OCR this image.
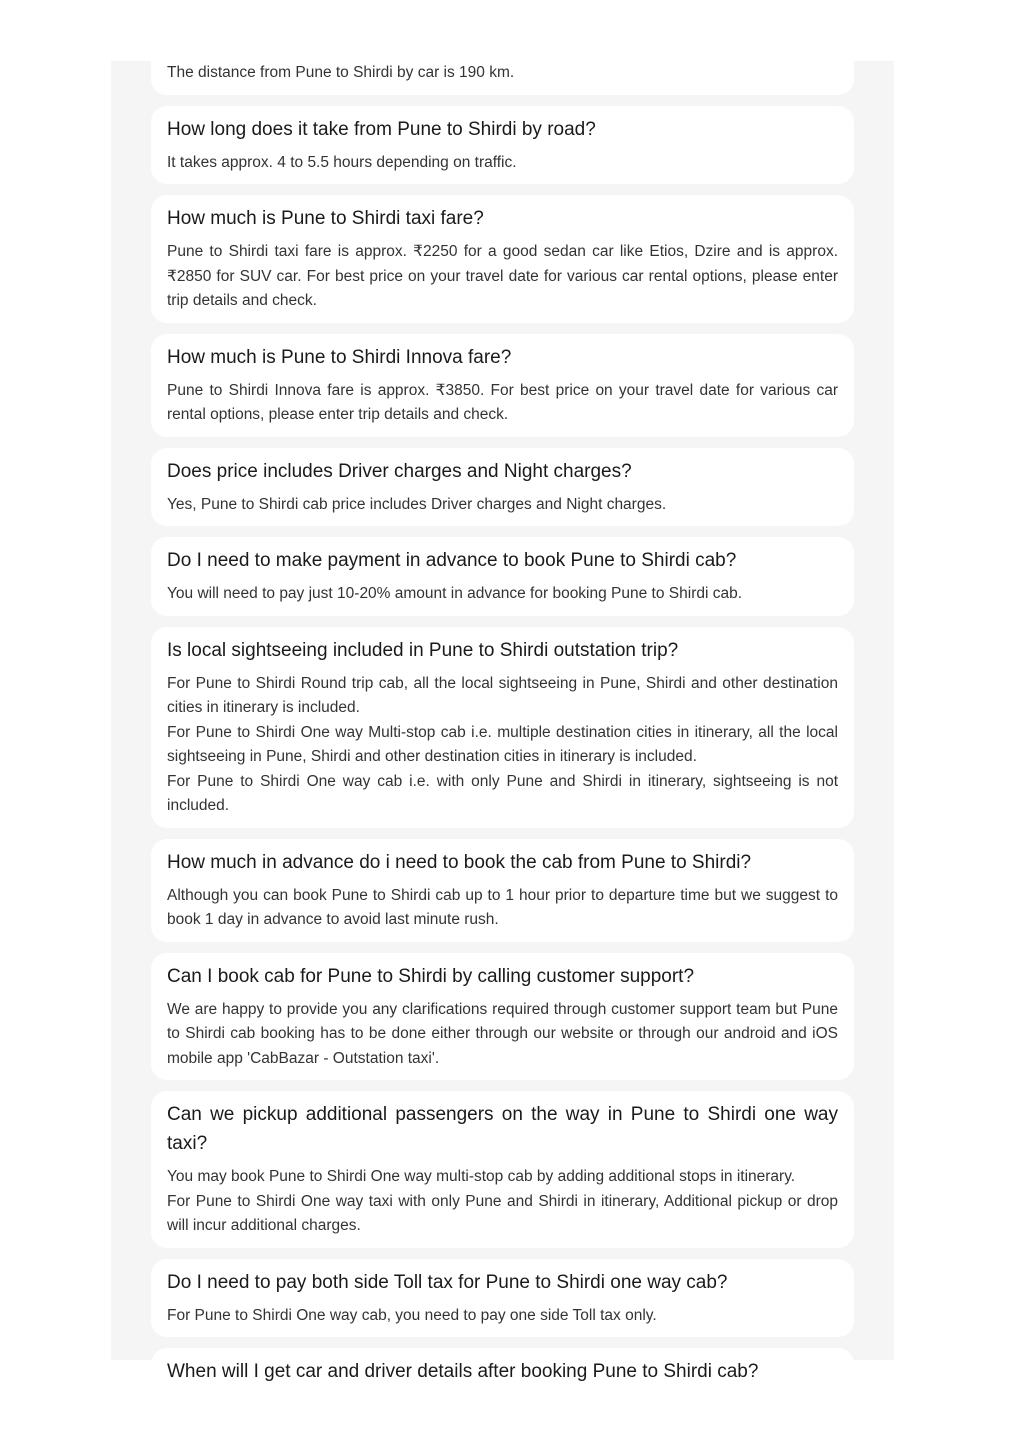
The distance from Pune to Shirdi by car is 190 km.

How long does it take from Pune to Shirdi by road?

It takes approx. 4 to 5.5 hours depending on traffic.

How much is Pune to Shirdi taxi fare?

Pune to Shirdi taxi fare is approx. ₹2250 for a good sedan car like Etios, Dzire and is approx. ₹2850 for SUV car. For best price on your travel date for various car rental options, please enter trip details and check.

How much is Pune to Shirdi Innova fare?

Pune to Shirdi Innova fare is approx. ₹3850. For best price on your travel date for various car rental options, please enter trip details and check.

Does price includes Driver charges and Night charges?

Yes, Pune to Shirdi cab price includes Driver charges and Night charges.

Do I need to make payment in advance to book Pune to Shirdi cab?

You will need to pay just 10-20% amount in advance for booking Pune to Shirdi cab.

Is local sightseeing included in Pune to Shirdi outstation trip?

For Pune to Shirdi Round trip cab, all the local sightseeing in Pune, Shirdi and other destination cities in itinerary is included.

For Pune to Shirdi One way Multi-stop cab i.e. multiple destination cities in itinerary, all the local sightseeing in Pune, Shirdi and other destination cities in itinerary is included.

For Pune to Shirdi One way cab i.e. with only Pune and Shirdi in itinerary, sightseeing is not included.

How much in advance do i need to book the cab from Pune to Shirdi?

Although you can book Pune to Shirdi cab up to 1 hour prior to departure time but we suggest to book 1 day in advance to avoid last minute rush.

Can I book cab for Pune to Shirdi by calling customer support?

We are happy to provide you any clarifications required through customer support team but Pune to Shirdi cab booking has to be done either through our website or through our android and iOS mobile app 'CabBazar - Outstation taxi'.

Can we pickup additional passengers on the way in Pune to Shirdi one way taxi?

You may book Pune to Shirdi One way multi-stop cab by adding additional stops in itinerary.

For Pune to Shirdi One way taxi with only Pune and Shirdi in itinerary, Additional pickup or drop will incur additional charges.

Do I need to pay both side Toll tax for Pune to Shirdi one way cab?

For Pune to Shirdi One way cab, you need to pay one side Toll tax only.

When will I get car and driver details after booking Pune to Shirdi cab?
